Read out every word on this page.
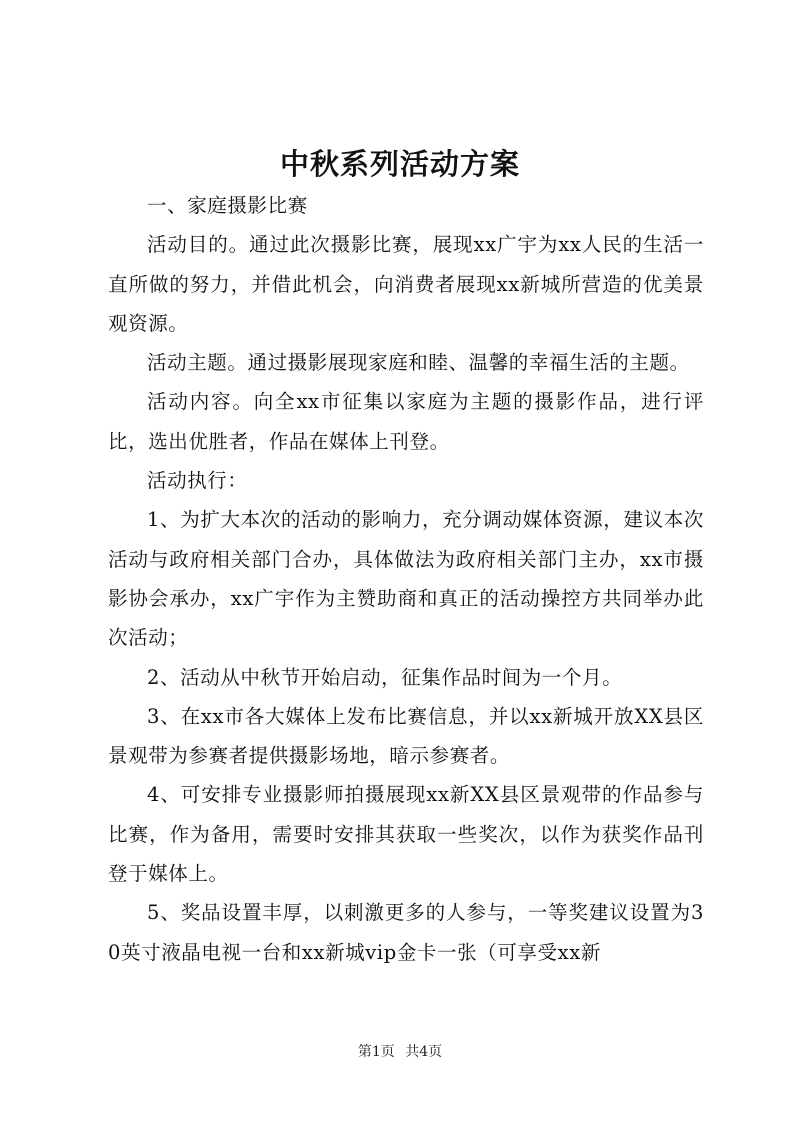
中秋系列活动方案

一、家庭摄影比赛

活动目的。通过此次摄影比赛，展现xx广宇为xx人民的生活一直所做的努力，并借此机会，向消费者展现xx新城所营造的优美景观资源。

活动主题。通过摄影展现家庭和睦、温馨的幸福生活的主题。

活动内容。向全xx市征集以家庭为主题的摄影作品，进行评比，选出优胜者，作品在媒体上刊登。

活动执行：

1、为扩大本次的活动的影响力，充分调动媒体资源，建议本次活动与政府相关部门合办，具体做法为政府相关部门主办，xx市摄影协会承办，xx广宇作为主赞助商和真正的活动操控方共同举办此次活动；

2、活动从中秋节开始启动，征集作品时间为一个月。

3、在xx市各大媒体上发布比赛信息，并以xx新城开放XX县区景观带为参赛者提供摄影场地，暗示参赛者。

4、可安排专业摄影师拍摄展现xx新XX县区景观带的作品参与比赛，作为备用，需要时安排其获取一些奖次，以作为获奖作品刊登于媒体上。

5、奖品设置丰厚，以刺激更多的人参与，一等奖建议设置为30英寸液晶电视一台和xx新城vip金卡一张（可享受xx新

第1页 共4页
